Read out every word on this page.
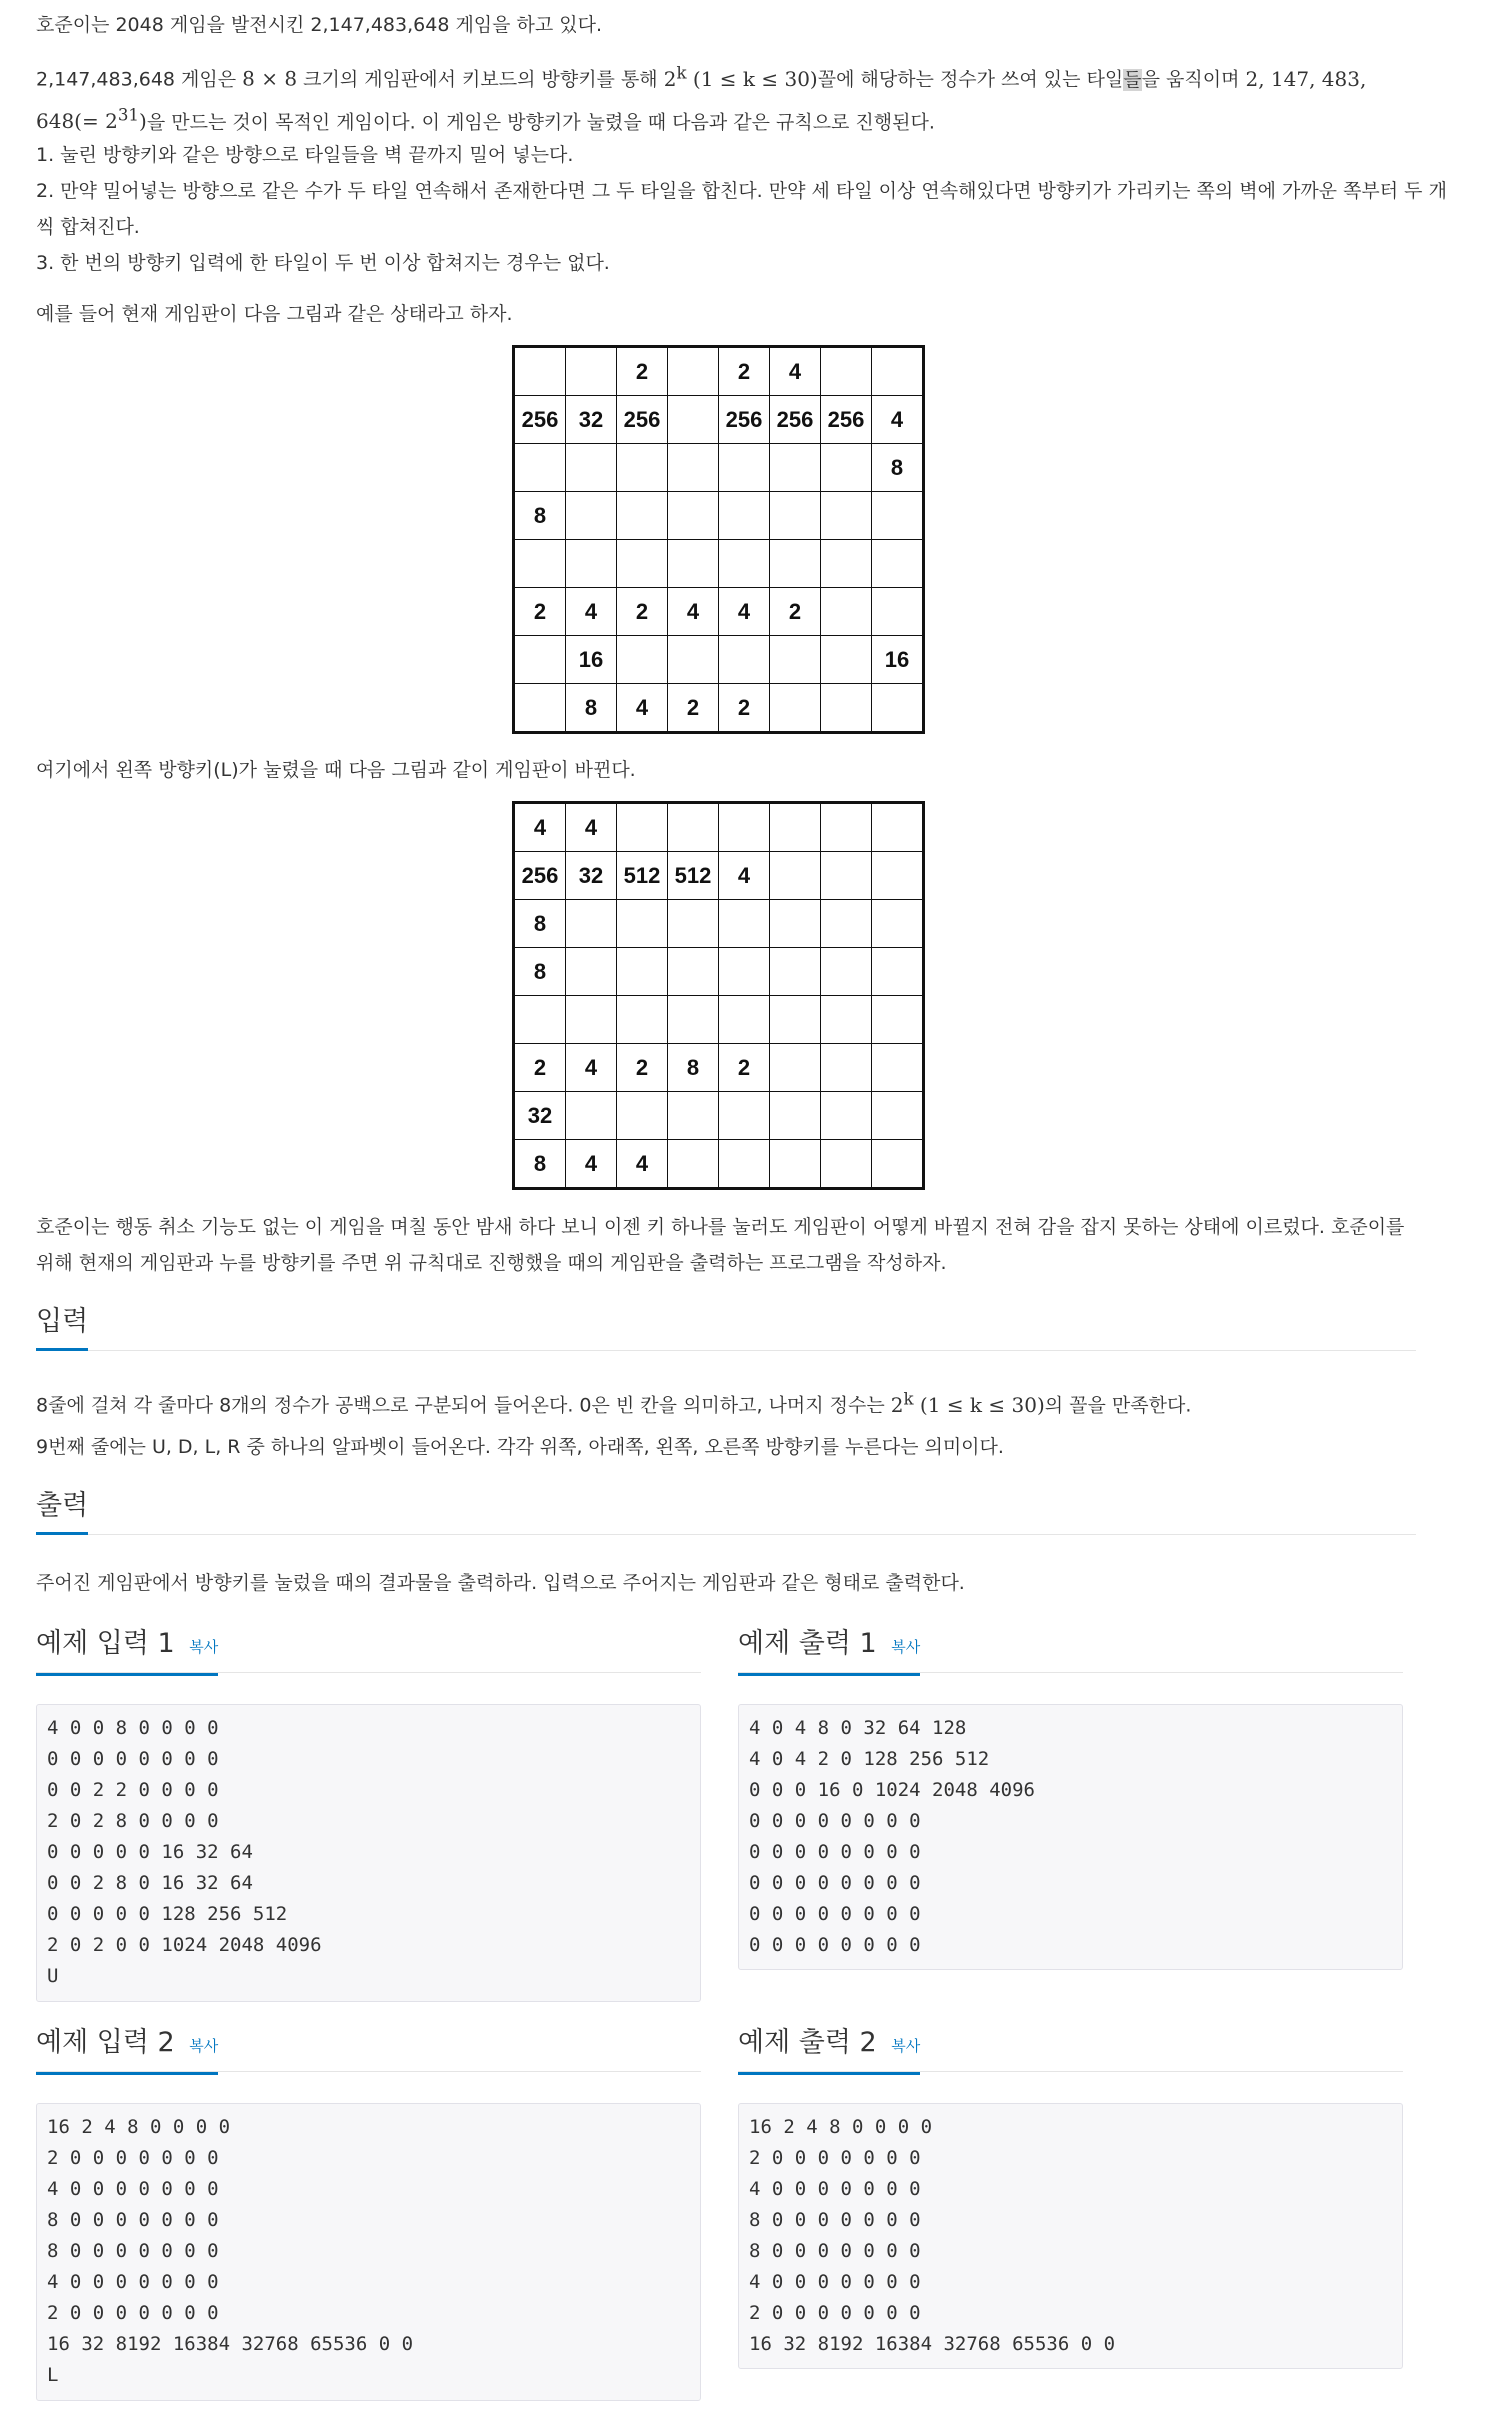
호준이는 2048 게임을 발전시킨 2,147,483,648 게임을 하고 있다.

2,147,483,648 게임은 8 × 8 크기의 게임판에서 키보드의 방향키를 통해 2$^k$ (1 ≤ k ≤ 30)꼴에 해당하는 정수가 쓰여 있는 타일들을 움직이며 2, 147, 483, $648(= 2^{31})$을 만드는 것이 목적인 게임이다. 이 게임은 방향키가 눌렸을 때 다음과 같은 규칙으로 진행된다.

1. 눌린 방향키와 같은 방향으로 타일들을 벽 끝까지 밀어 넣는다.
2. 만약 밀어넣는 방향으로 같은 수가 두 타일 연속해서 존재한다면 그 두 타일을 합친다. 만약 세 타일 이상 연속해있다면 방향키가 가리키는 쪽의 벽에 가까운 쪽부터 두 개씩 합쳐진다.
3. 한 번의 방향키 입력에 한 타일이 두 번 이상 합쳐지는 경우는 없다.

예를 들어 현재 게임판이 다음 그림과 같은 상태라고 하자.

		2		2	4		
256	32	256		256	256	256	4
							8
8							

2	4	2	4	4	2		
	16						16
	8	4	2	2			

여기에서 왼쪽 방향키(L)가 눌렸을 때 다음 그림과 같이 게임판이 바뀐다.

4	4						
256	32	512	512	4			
8							
8							

2	4	2	8	2			
32							
8	4	4					

호준이는 행동 취소 기능도 없는 이 게임을 며칠 동안 밤새 하다 보니 이젠 키 하나를 눌러도 게임판이 어떻게 바뀔지 전혀 감을 잡지 못하는 상태에 이르렀다. 호준이를 위해 현재의 게임판과 누를 방향키를 주면 위 규칙대로 진행했을 때의 게임판을 출력하는 프로그램을 작성하자.

입력

8줄에 걸쳐 각 줄마다 8개의 정수가 공백으로 구분되어 들어온다. 0은 빈 칸을 의미하고, 나머지 정수는 2$^k$ (1 ≤ k ≤ 30)의 꼴을 만족한다.

9번째 줄에는 U, D, L, R 중 하나의 알파벳이 들어온다. 각각 위쪽, 아래쪽, 왼쪽, 오른쪽 방향키를 누른다는 의미이다.

출력

주어진 게임판에서 방향키를 눌렀을 때의 결과물을 출력하라. 입력으로 주어지는 게임판과 같은 형태로 출력한다.

예제 입력 1 복사	예제 출력 1 복사
4 0 0 8 0 0 0 0
0 0 0 0 0 0 0 0
0 0 2 2 0 0 0 0
2 0 2 8 0 0 0 0
0 0 0 0 0 16 32 64
0 0 2 8 0 16 32 64
0 0 0 0 0 128 256 512
2 0 2 0 0 1024 2048 4096
U
4 0 4 8 0 32 64 128
4 0 4 2 0 128 256 512
0 0 0 16 0 1024 2048 4096
0 0 0 0 0 0 0 0
0 0 0 0 0 0 0 0
0 0 0 0 0 0 0 0
0 0 0 0 0 0 0 0
0 0 0 0 0 0 0 0
예제 입력 2 복사	예제 출력 2 복사
16 2 4 8 0 0 0 0
2 0 0 0 0 0 0 0
4 0 0 0 0 0 0 0
8 0 0 0 0 0 0 0
8 0 0 0 0 0 0 0
4 0 0 0 0 0 0 0
2 0 0 0 0 0 0 0
16 32 8192 16384 32768 65536 0 0
L
16 2 4 8 0 0 0 0
2 0 0 0 0 0 0 0
4 0 0 0 0 0 0 0
8 0 0 0 0 0 0 0
8 0 0 0 0 0 0 0
4 0 0 0 0 0 0 0
2 0 0 0 0 0 0 0
16 32 8192 16384 32768 65536 0 0
